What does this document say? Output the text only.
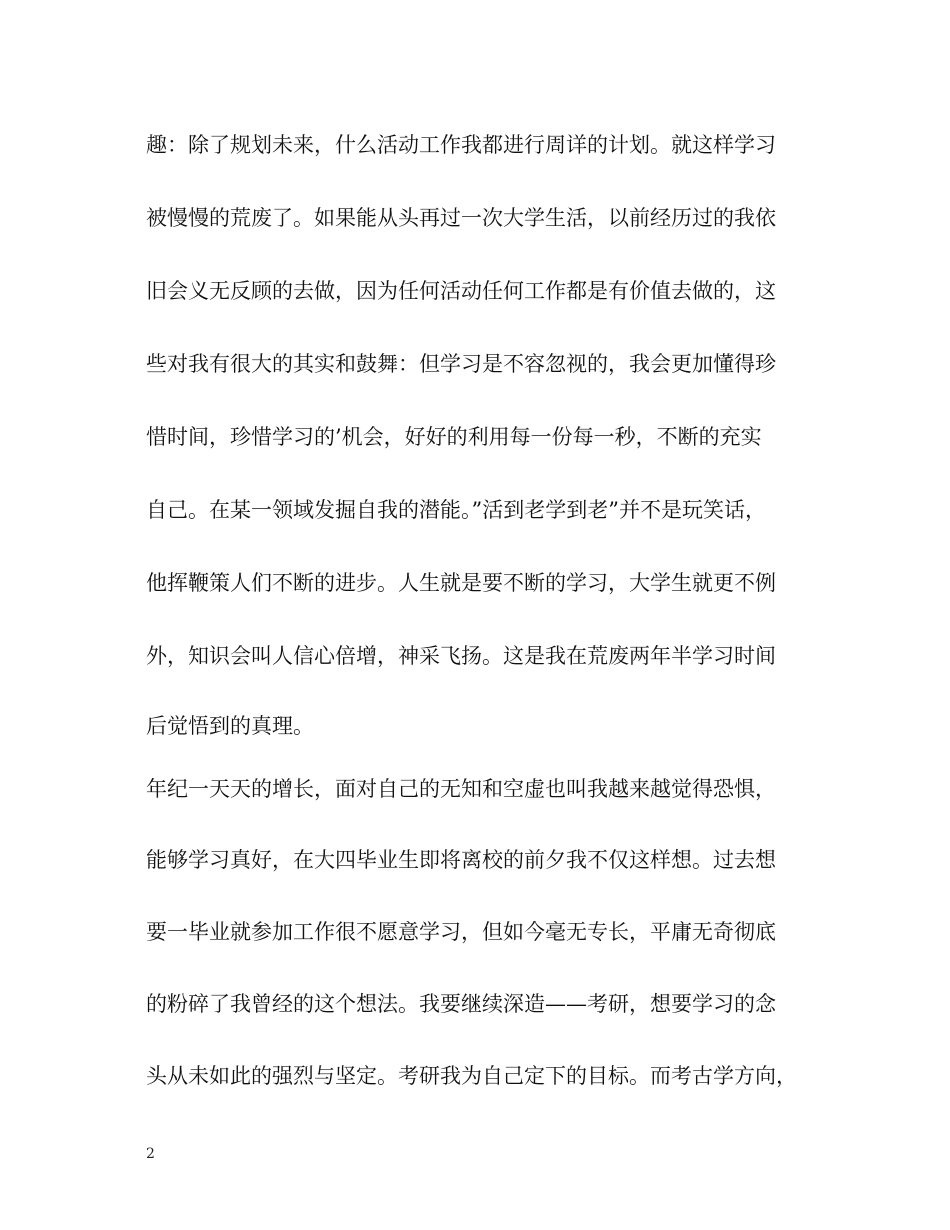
趣：除了规划未来，什么活动工作我都进行周详的计划。就这样学习
被慢慢的荒废了。如果能从头再过一次大学生活，以前经历过的我依
旧会义无反顾的去做，因为任何活动任何工作都是有价值去做的，这
些对我有很大的其实和鼓舞：但学习是不容忽视的，我会更加懂得珍
惜时间，珍惜学习的’机会，好好的利用每一份每一秒，不断的充实
自己。在某一领域发掘自我的潜能。”活到老学到老”并不是玩笑话，
他挥鞭策人们不断的进步。人生就是要不断的学习，大学生就更不例
外，知识会叫人信心倍增，神采飞扬。这是我在荒废两年半学习时间
后觉悟到的真理。
年纪一天天的增长，面对自己的无知和空虚也叫我越来越觉得恐惧，
能够学习真好，在大四毕业生即将离校的前夕我不仅这样想。过去想
要一毕业就参加工作很不愿意学习，但如今毫无专长，平庸无奇彻底
的粉碎了我曾经的这个想法。我要继续深造——考研，想要学习的念
头从未如此的强烈与坚定。考研我为自己定下的目标。而考古学方向，
2
